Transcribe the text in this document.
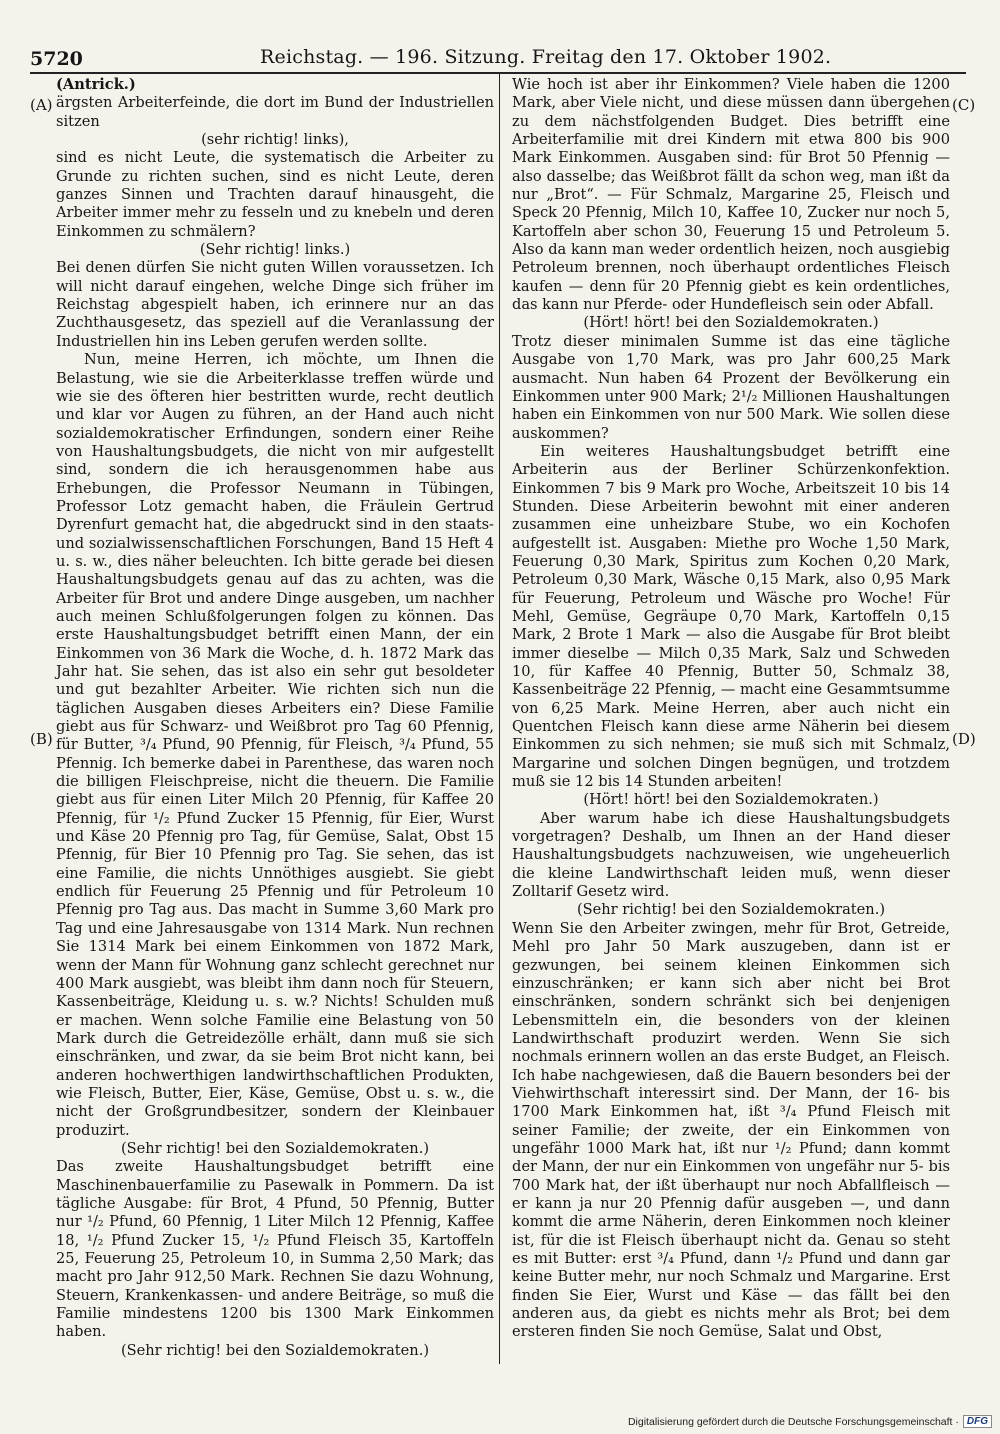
5720	Reichstag. — 196. Sitzung. Freitag den 17. Oktober 1902.
(A)
(B)
(C)
(D)

(Antrick.)

ärgsten Arbeiterfeinde, die dort im Bund der Industriellen sitzen

(sehr richtig! links),

sind es nicht Leute, die systematisch die Arbeiter zu Grunde zu richten suchen, sind es nicht Leute, deren ganzes Sinnen und Trachten darauf hinausgeht, die Arbeiter immer mehr zu fesseln und zu knebeln und deren Einkommen zu schmälern?

(Sehr richtig! links.)

Bei denen dürfen Sie nicht guten Willen voraussetzen. Ich will nicht darauf eingehen, welche Dinge sich früher im Reichstag abgespielt haben, ich erinnere nur an das Zuchthausgesetz, das speziell auf die Veranlassung der Industriellen hin ins Leben gerufen werden sollte.

Nun, meine Herren, ich möchte, um Ihnen die Belastung, wie sie die Arbeiterklasse treffen würde und wie sie des öfteren hier bestritten wurde, recht deutlich und klar vor Augen zu führen, an der Hand auch nicht sozialdemokratischer Erfindungen, sondern einer Reihe von Haushaltungsbudgets, die nicht von mir aufgestellt sind, sondern die ich herausgenommen habe aus Erhebungen, die Professor Neumann in Tübingen, Professor Lotz gemacht haben, die Fräulein Gertrud Dyrenfurt gemacht hat, die abgedruckt sind in den staats- und sozialwissenschaftlichen Forschungen, Band 15 Heft 4 u. s. w., dies näher beleuchten. Ich bitte gerade bei diesen Haushaltungsbudgets genau auf das zu achten, was die Arbeiter für Brot und andere Dinge ausgeben, um nachher auch meinen Schlußfolgerungen folgen zu können. Das erste Haushaltungsbudget betrifft einen Mann, der ein Einkommen von 36 Mark die Woche, d. h. 1872 Mark das Jahr hat. Sie sehen, das ist also ein sehr gut besoldeter und gut bezahlter Arbeiter. Wie richten sich nun die täglichen Ausgaben dieses Arbeiters ein? Diese Familie giebt aus für Schwarz- und Weißbrot pro Tag 60 Pfennig, für Butter, ³/₄ Pfund, 90 Pfennig, für Fleisch, ³/₄ Pfund, 55 Pfennig. Ich bemerke dabei in Parenthese, das waren noch die billigen Fleischpreise, nicht die theuern. Die Familie giebt aus für einen Liter Milch 20 Pfennig, für Kaffee 20 Pfennig, für ¹/₂ Pfund Zucker 15 Pfennig, für Eier, Wurst und Käse 20 Pfennig pro Tag, für Gemüse, Salat, Obst 15 Pfennig, für Bier 10 Pfennig pro Tag. Sie sehen, das ist eine Familie, die nichts Unnöthiges ausgiebt. Sie giebt endlich für Feuerung 25 Pfennig und für Petroleum 10 Pfennig pro Tag aus. Das macht in Summe 3,60 Mark pro Tag und eine Jahresausgabe von 1314 Mark. Nun rechnen Sie 1314 Mark bei einem Einkommen von 1872 Mark, wenn der Mann für Wohnung ganz schlecht gerechnet nur 400 Mark ausgiebt, was bleibt ihm dann noch für Steuern, Kassenbeiträge, Kleidung u. s. w.? Nichts! Schulden muß er machen. Wenn solche Familie eine Belastung von 50 Mark durch die Getreidezölle erhält, dann muß sie sich einschränken, und zwar, da sie beim Brot nicht kann, bei anderen hochwerthigen landwirthschaftlichen Produkten, wie Fleisch, Butter, Eier, Käse, Gemüse, Obst u. s. w., die nicht der Großgrundbesitzer, sondern der Kleinbauer produzirt.

(Sehr richtig! bei den Sozialdemokraten.)

Das zweite Haushaltungsbudget betrifft eine Maschinenbauerfamilie zu Pasewalk in Pommern. Da ist tägliche Ausgabe: für Brot, 4 Pfund, 50 Pfennig, Butter nur ¹/₂ Pfund, 60 Pfennig, 1 Liter Milch 12 Pfennig, Kaffee 18, ¹/₂ Pfund Zucker 15, ¹/₂ Pfund Fleisch 35, Kartoffeln 25, Feuerung 25, Petroleum 10, in Summa 2,50 Mark; das macht pro Jahr 912,50 Mark. Rechnen Sie dazu Wohnung, Steuern, Krankenkassen- und andere Beiträge, so muß die Familie mindestens 1200 bis 1300 Mark Einkommen haben.

(Sehr richtig! bei den Sozialdemokraten.)

Wie hoch ist aber ihr Einkommen? Viele haben die 1200 Mark, aber Viele nicht, und diese müssen dann übergehen zu dem nächstfolgenden Budget. Dies betrifft eine Arbeiterfamilie mit drei Kindern mit etwa 800 bis 900 Mark Einkommen. Ausgaben sind: für Brot 50 Pfennig — also dasselbe; das Weißbrot fällt da schon weg, man ißt da nur „Brot“. — Für Schmalz, Margarine 25, Fleisch und Speck 20 Pfennig, Milch 10, Kaffee 10, Zucker nur noch 5, Kartoffeln aber schon 30, Feuerung 15 und Petroleum 5. Also da kann man weder ordentlich heizen, noch ausgiebig Petroleum brennen, noch überhaupt ordentliches Fleisch kaufen — denn für 20 Pfennig giebt es kein ordentliches, das kann nur Pferde- oder Hundefleisch sein oder Abfall.

(Hört! hört! bei den Sozialdemokraten.)

Trotz dieser minimalen Summe ist das eine tägliche Ausgabe von 1,70 Mark, was pro Jahr 600,25 Mark ausmacht. Nun haben 64 Prozent der Bevölkerung ein Einkommen unter 900 Mark; 2¹/₂ Millionen Haushaltungen haben ein Einkommen von nur 500 Mark. Wie sollen diese auskommen?

Ein weiteres Haushaltungsbudget betrifft eine Arbeiterin aus der Berliner Schürzenkonfektion. Einkommen 7 bis 9 Mark pro Woche, Arbeitszeit 10 bis 14 Stunden. Diese Arbeiterin bewohnt mit einer anderen zusammen eine unheizbare Stube, wo ein Kochofen aufgestellt ist. Ausgaben: Miethe pro Woche 1,50 Mark, Feuerung 0,30 Mark, Spiritus zum Kochen 0,20 Mark, Petroleum 0,30 Mark, Wäsche 0,15 Mark, also 0,95 Mark für Feuerung, Petroleum und Wäsche pro Woche! Für Mehl, Gemüse, Gegräupe 0,70 Mark, Kartoffeln 0,15 Mark, 2 Brote 1 Mark — also die Ausgabe für Brot bleibt immer dieselbe — Milch 0,35 Mark, Salz und Schweden 10, für Kaffee 40 Pfennig, Butter 50, Schmalz 38, Kassenbeiträge 22 Pfennig, — macht eine Gesammtsumme von 6,25 Mark. Meine Herren, aber auch nicht ein Quentchen Fleisch kann diese arme Näherin bei diesem Einkommen zu sich nehmen; sie muß sich mit Schmalz, Margarine und solchen Dingen begnügen, und trotzdem muß sie 12 bis 14 Stunden arbeiten!

(Hört! hört! bei den Sozialdemokraten.)

Aber warum habe ich diese Haushaltungsbudgets vorgetragen? Deshalb, um Ihnen an der Hand dieser Haushaltungsbudgets nachzuweisen, wie ungeheuerlich die kleine Landwirthschaft leiden muß, wenn dieser Zolltarif Gesetz wird.

(Sehr richtig! bei den Sozialdemokraten.)

Wenn Sie den Arbeiter zwingen, mehr für Brot, Getreide, Mehl pro Jahr 50 Mark auszugeben, dann ist er gezwungen, bei seinem kleinen Einkommen sich einzuschränken; er kann sich aber nicht bei Brot einschränken, sondern schränkt sich bei denjenigen Lebensmitteln ein, die besonders von der kleinen Landwirthschaft produzirt werden. Wenn Sie sich nochmals erinnern wollen an das erste Budget, an Fleisch. Ich habe nachgewiesen, daß die Bauern besonders bei der Viehwirthschaft interessirt sind. Der Mann, der 16- bis 1700 Mark Einkommen hat, ißt ³/₄ Pfund Fleisch mit seiner Familie; der zweite, der ein Einkommen von ungefähr 1000 Mark hat, ißt nur ¹/₂ Pfund; dann kommt der Mann, der nur ein Einkommen von ungefähr nur 5- bis 700 Mark hat, der ißt überhaupt nur noch Abfallfleisch — er kann ja nur 20 Pfennig dafür ausgeben —, und dann kommt die arme Näherin, deren Einkommen noch kleiner ist, für die ist Fleisch überhaupt nicht da. Genau so steht es mit Butter: erst ³/₄ Pfund, dann ¹/₂ Pfund und dann gar keine Butter mehr, nur noch Schmalz und Margarine. Erst finden Sie Eier, Wurst und Käse — das fällt bei den anderen aus, da giebt es nichts mehr als Brot; bei dem ersteren finden Sie noch Gemüse, Salat und Obst,

Digitalisierung gefördert durch die Deutsche Forschungsgemeinschaft · DFG
